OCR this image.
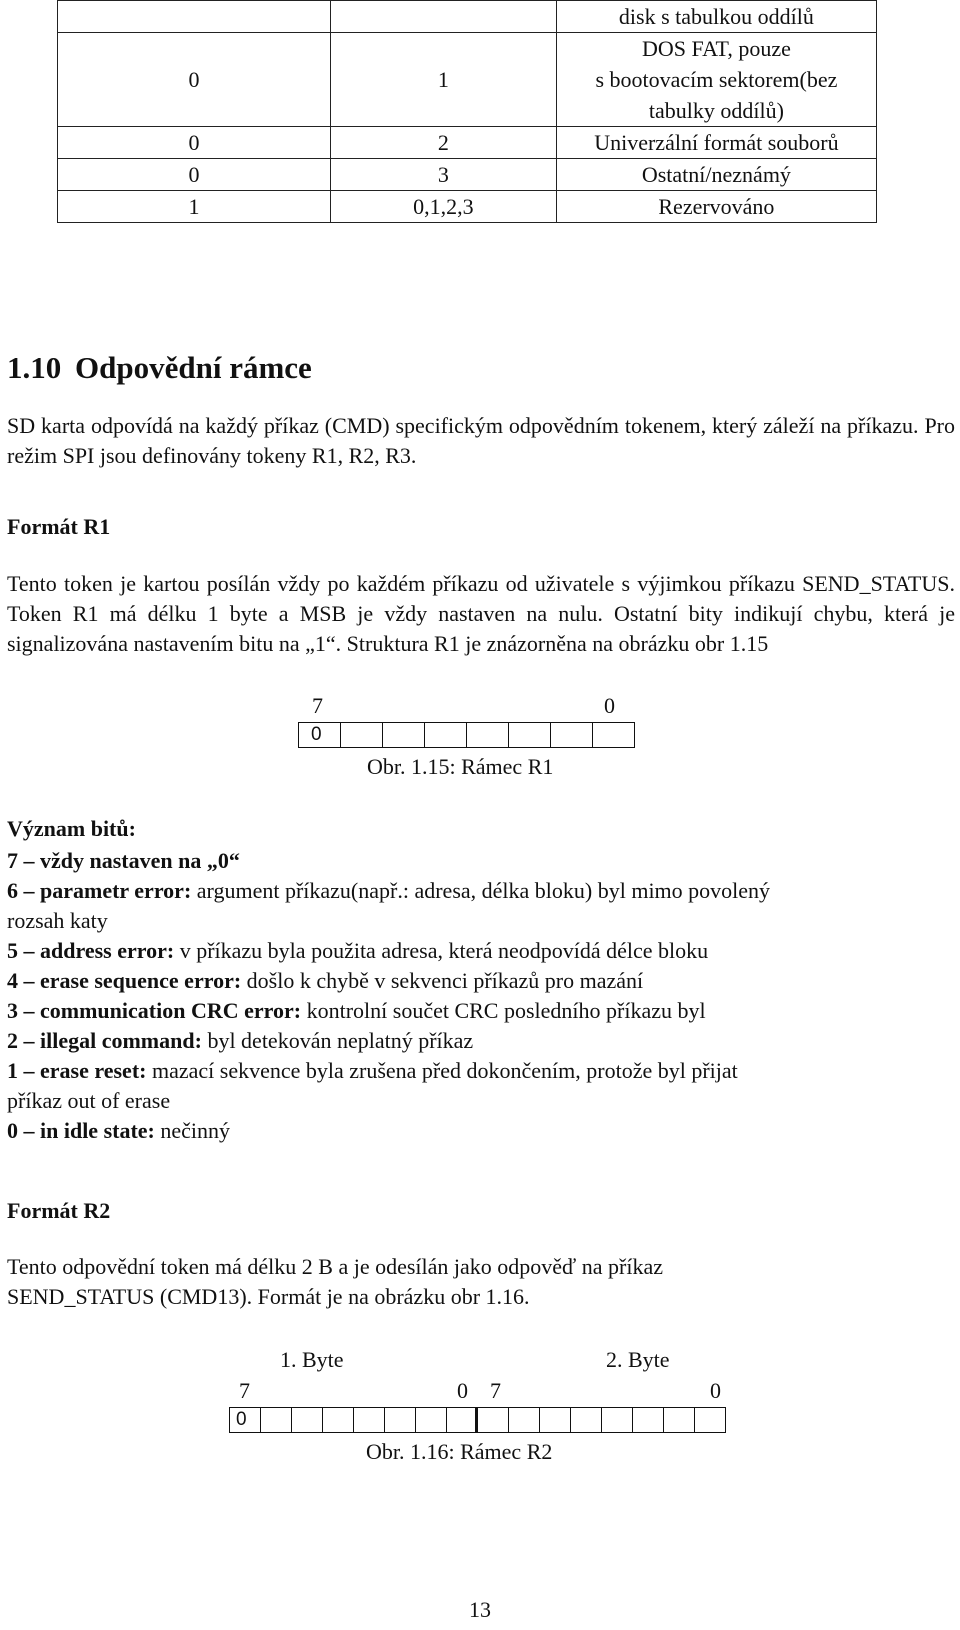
		disk s tabulkou oddílů
0	1	DOS FAT, pouze
s bootovacím sektorem(bez
tabulky oddílů)

0	2	Univerzální formát souborů
0	3	Ostatní/neznámý
1	0,1,2,3	Rezervováno
1.10 Odpovědní rámce
SD karta odpovídá na každý příkaz (CMD) specifickým odpovědním tokenem, který záleží na příkazu. Pro režim SPI jsou definovány tokeny R1, R2, R3.
Formát R1
Tento token je kartou posílán vždy po každém příkazu od uživatele s výjimkou příkazu SEND_STATUS. Token R1 má délku 1 byte a MSB je vždy nastaven na nulu. Ostatní bity indikují chybu, která je signalizována nastavením bitu na „1“. Struktura R1 je znázorněna na obrázku obr 1.15
7	0
0
Obr. 1.15: Rámec R1
Význam bitů:
7 – vždy nastaven na „0“
6 – parametr error: argument příkazu(např.: adresa, délka bloku) byl mimo povolený
rozsah katy
5 – address error: v příkazu byla použita adresa, která neodpovídá délce bloku
4 – erase sequence error: došlo k chybě v sekvenci příkazů pro mazání
3 – communication CRC error: kontrolní součet CRC posledního příkazu byl
2 – illegal command: byl detekován neplatný příkaz
1 – erase reset: mazací sekvence byla zrušena před dokončením, protože byl přijat
příkaz out of erase
0 – in idle state: nečinný
Formát R2
Tento odpovědní token má délku 2 B a je odesílán jako odpověď na příkaz
SEND_STATUS (CMD13). Formát je na obrázku obr 1.16.
1. Byte	2. Byte
7	0 7	0
0
Obr. 1.16: Rámec R2
13
